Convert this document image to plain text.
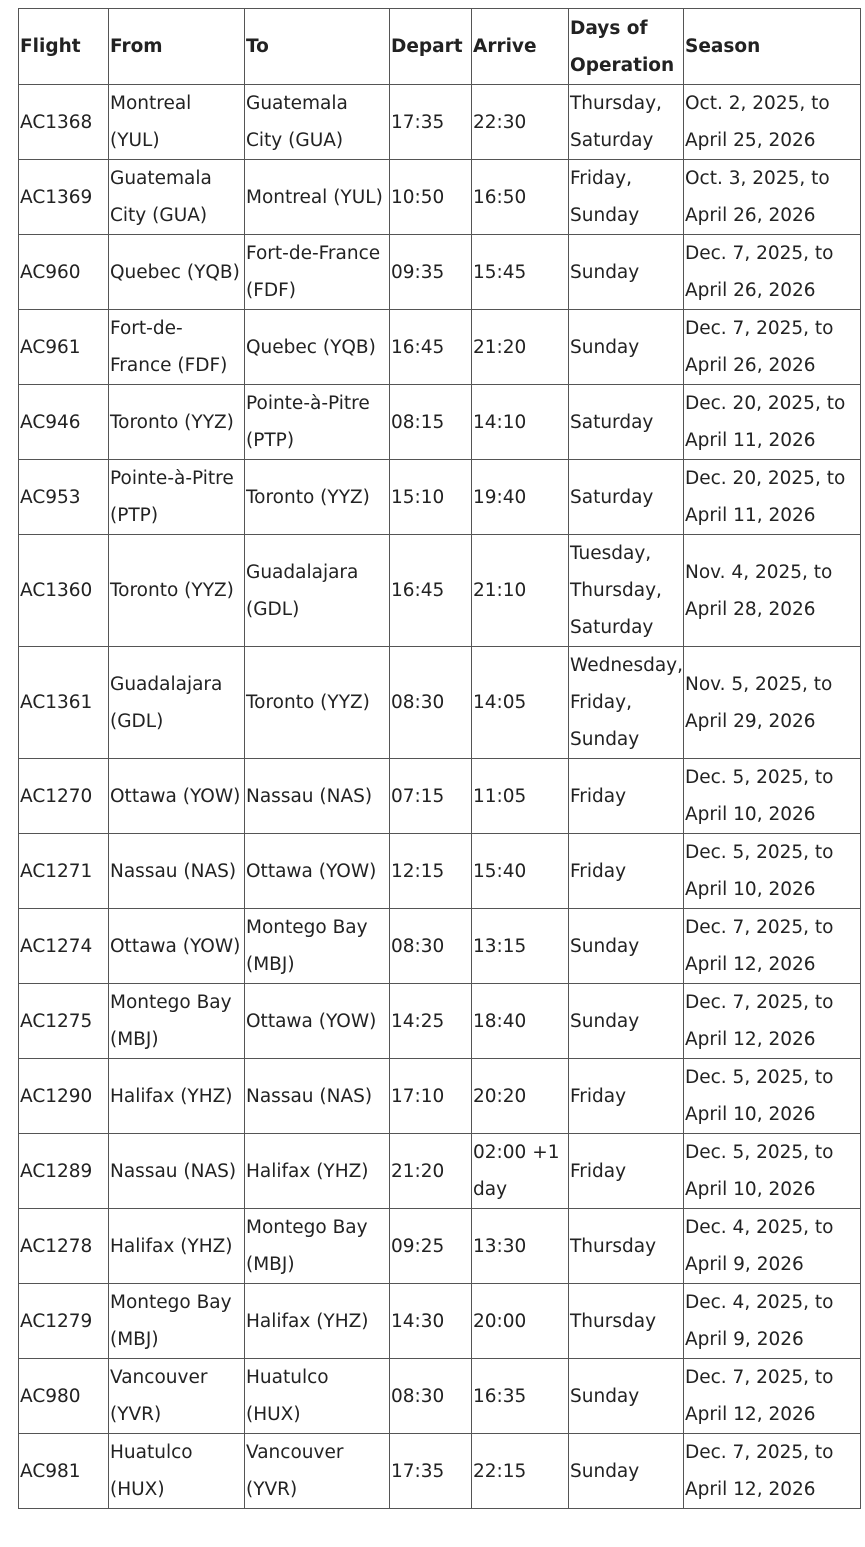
Flight	From	To	Depart	Arrive	Days of Operation	Season
AC1368	Montreal (YUL)	Guatemala City (GUA)	17:35	22:30	Thursday, Saturday	Oct. 2, 2025, to April 25, 2026
AC1369	Guatemala City (GUA)	Montreal (YUL)	10:50	16:50	Friday, Sunday	Oct. 3, 2025, to April 26, 2026
AC960	Quebec (YQB)	Fort-de-France (FDF)	09:35	15:45	Sunday	Dec. 7, 2025, to April 26, 2026
AC961	Fort-de-France (FDF)	Quebec (YQB)	16:45	21:20	Sunday	Dec. 7, 2025, to April 26, 2026
AC946	Toronto (YYZ)	Pointe-à-Pitre (PTP)	08:15	14:10	Saturday	Dec. 20, 2025, to April 11, 2026
AC953	Pointe-à-Pitre (PTP)	Toronto (YYZ)	15:10	19:40	Saturday	Dec. 20, 2025, to April 11, 2026
AC1360	Toronto (YYZ)	Guadalajara (GDL)	16:45	21:10	Tuesday, Thursday, Saturday	Nov. 4, 2025, to April 28, 2026
AC1361	Guadalajara (GDL)	Toronto (YYZ)	08:30	14:05	Wednesday, Friday, Sunday	Nov. 5, 2025, to April 29, 2026
AC1270	Ottawa (YOW)	Nassau (NAS)	07:15	11:05	Friday	Dec. 5, 2025, to April 10, 2026
AC1271	Nassau (NAS)	Ottawa (YOW)	12:15	15:40	Friday	Dec. 5, 2025, to April 10, 2026
AC1274	Ottawa (YOW)	Montego Bay (MBJ)	08:30	13:15	Sunday	Dec. 7, 2025, to April 12, 2026
AC1275	Montego Bay (MBJ)	Ottawa (YOW)	14:25	18:40	Sunday	Dec. 7, 2025, to April 12, 2026
AC1290	Halifax (YHZ)	Nassau (NAS)	17:10	20:20	Friday	Dec. 5, 2025, to April 10, 2026
AC1289	Nassau (NAS)	Halifax (YHZ)	21:20	02:00 +1 day	Friday	Dec. 5, 2025, to April 10, 2026
AC1278	Halifax (YHZ)	Montego Bay (MBJ)	09:25	13:30	Thursday	Dec. 4, 2025, to April 9, 2026
AC1279	Montego Bay (MBJ)	Halifax (YHZ)	14:30	20:00	Thursday	Dec. 4, 2025, to April 9, 2026
AC980	Vancouver (YVR)	Huatulco (HUX)	08:30	16:35	Sunday	Dec. 7, 2025, to April 12, 2026
AC981	Huatulco (HUX)	Vancouver (YVR)	17:35	22:15	Sunday	Dec. 7, 2025, to April 12, 2026
